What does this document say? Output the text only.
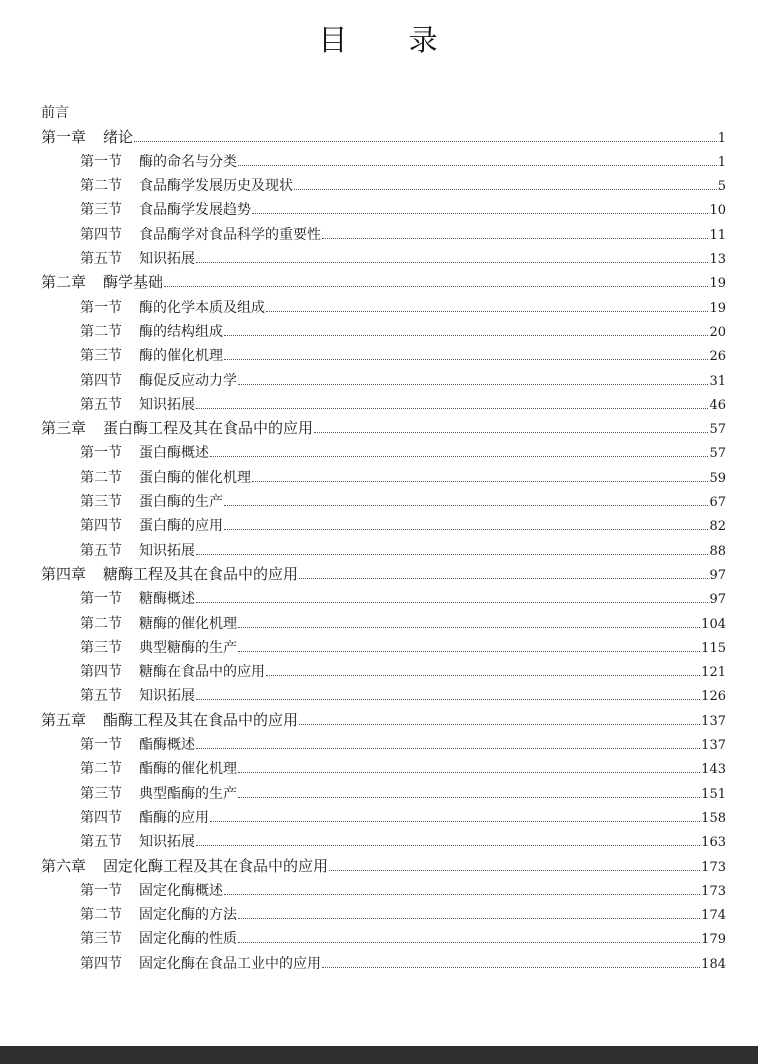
目 录
前言
第一章 绪论	1
第一节 酶的命名与分类	1
第二节 食品酶学发展历史及现状	5
第三节 食品酶学发展趋势	10
第四节 食品酶学对食品科学的重要性	11
第五节 知识拓展	13
第二章 酶学基础	19
第一节 酶的化学本质及组成	19
第二节 酶的结构组成	20
第三节 酶的催化机理	26
第四节 酶促反应动力学	31
第五节 知识拓展	46
第三章 蛋白酶工程及其在食品中的应用	57
第一节 蛋白酶概述	57
第二节 蛋白酶的催化机理	59
第三节 蛋白酶的生产	67
第四节 蛋白酶的应用	82
第五节 知识拓展	88
第四章 糖酶工程及其在食品中的应用	97
第一节 糖酶概述	97
第二节 糖酶的催化机理	104
第三节 典型糖酶的生产	115
第四节 糖酶在食品中的应用	121
第五节 知识拓展	126
第五章 酯酶工程及其在食品中的应用	137
第一节 酯酶概述	137
第二节 酯酶的催化机理	143
第三节 典型酯酶的生产	151
第四节 酯酶的应用	158
第五节 知识拓展	163
第六章 固定化酶工程及其在食品中的应用	173
第一节 固定化酶概述	173
第二节 固定化酶的方法	174
第三节 固定化酶的性质	179
第四节 固定化酶在食品工业中的应用	184
